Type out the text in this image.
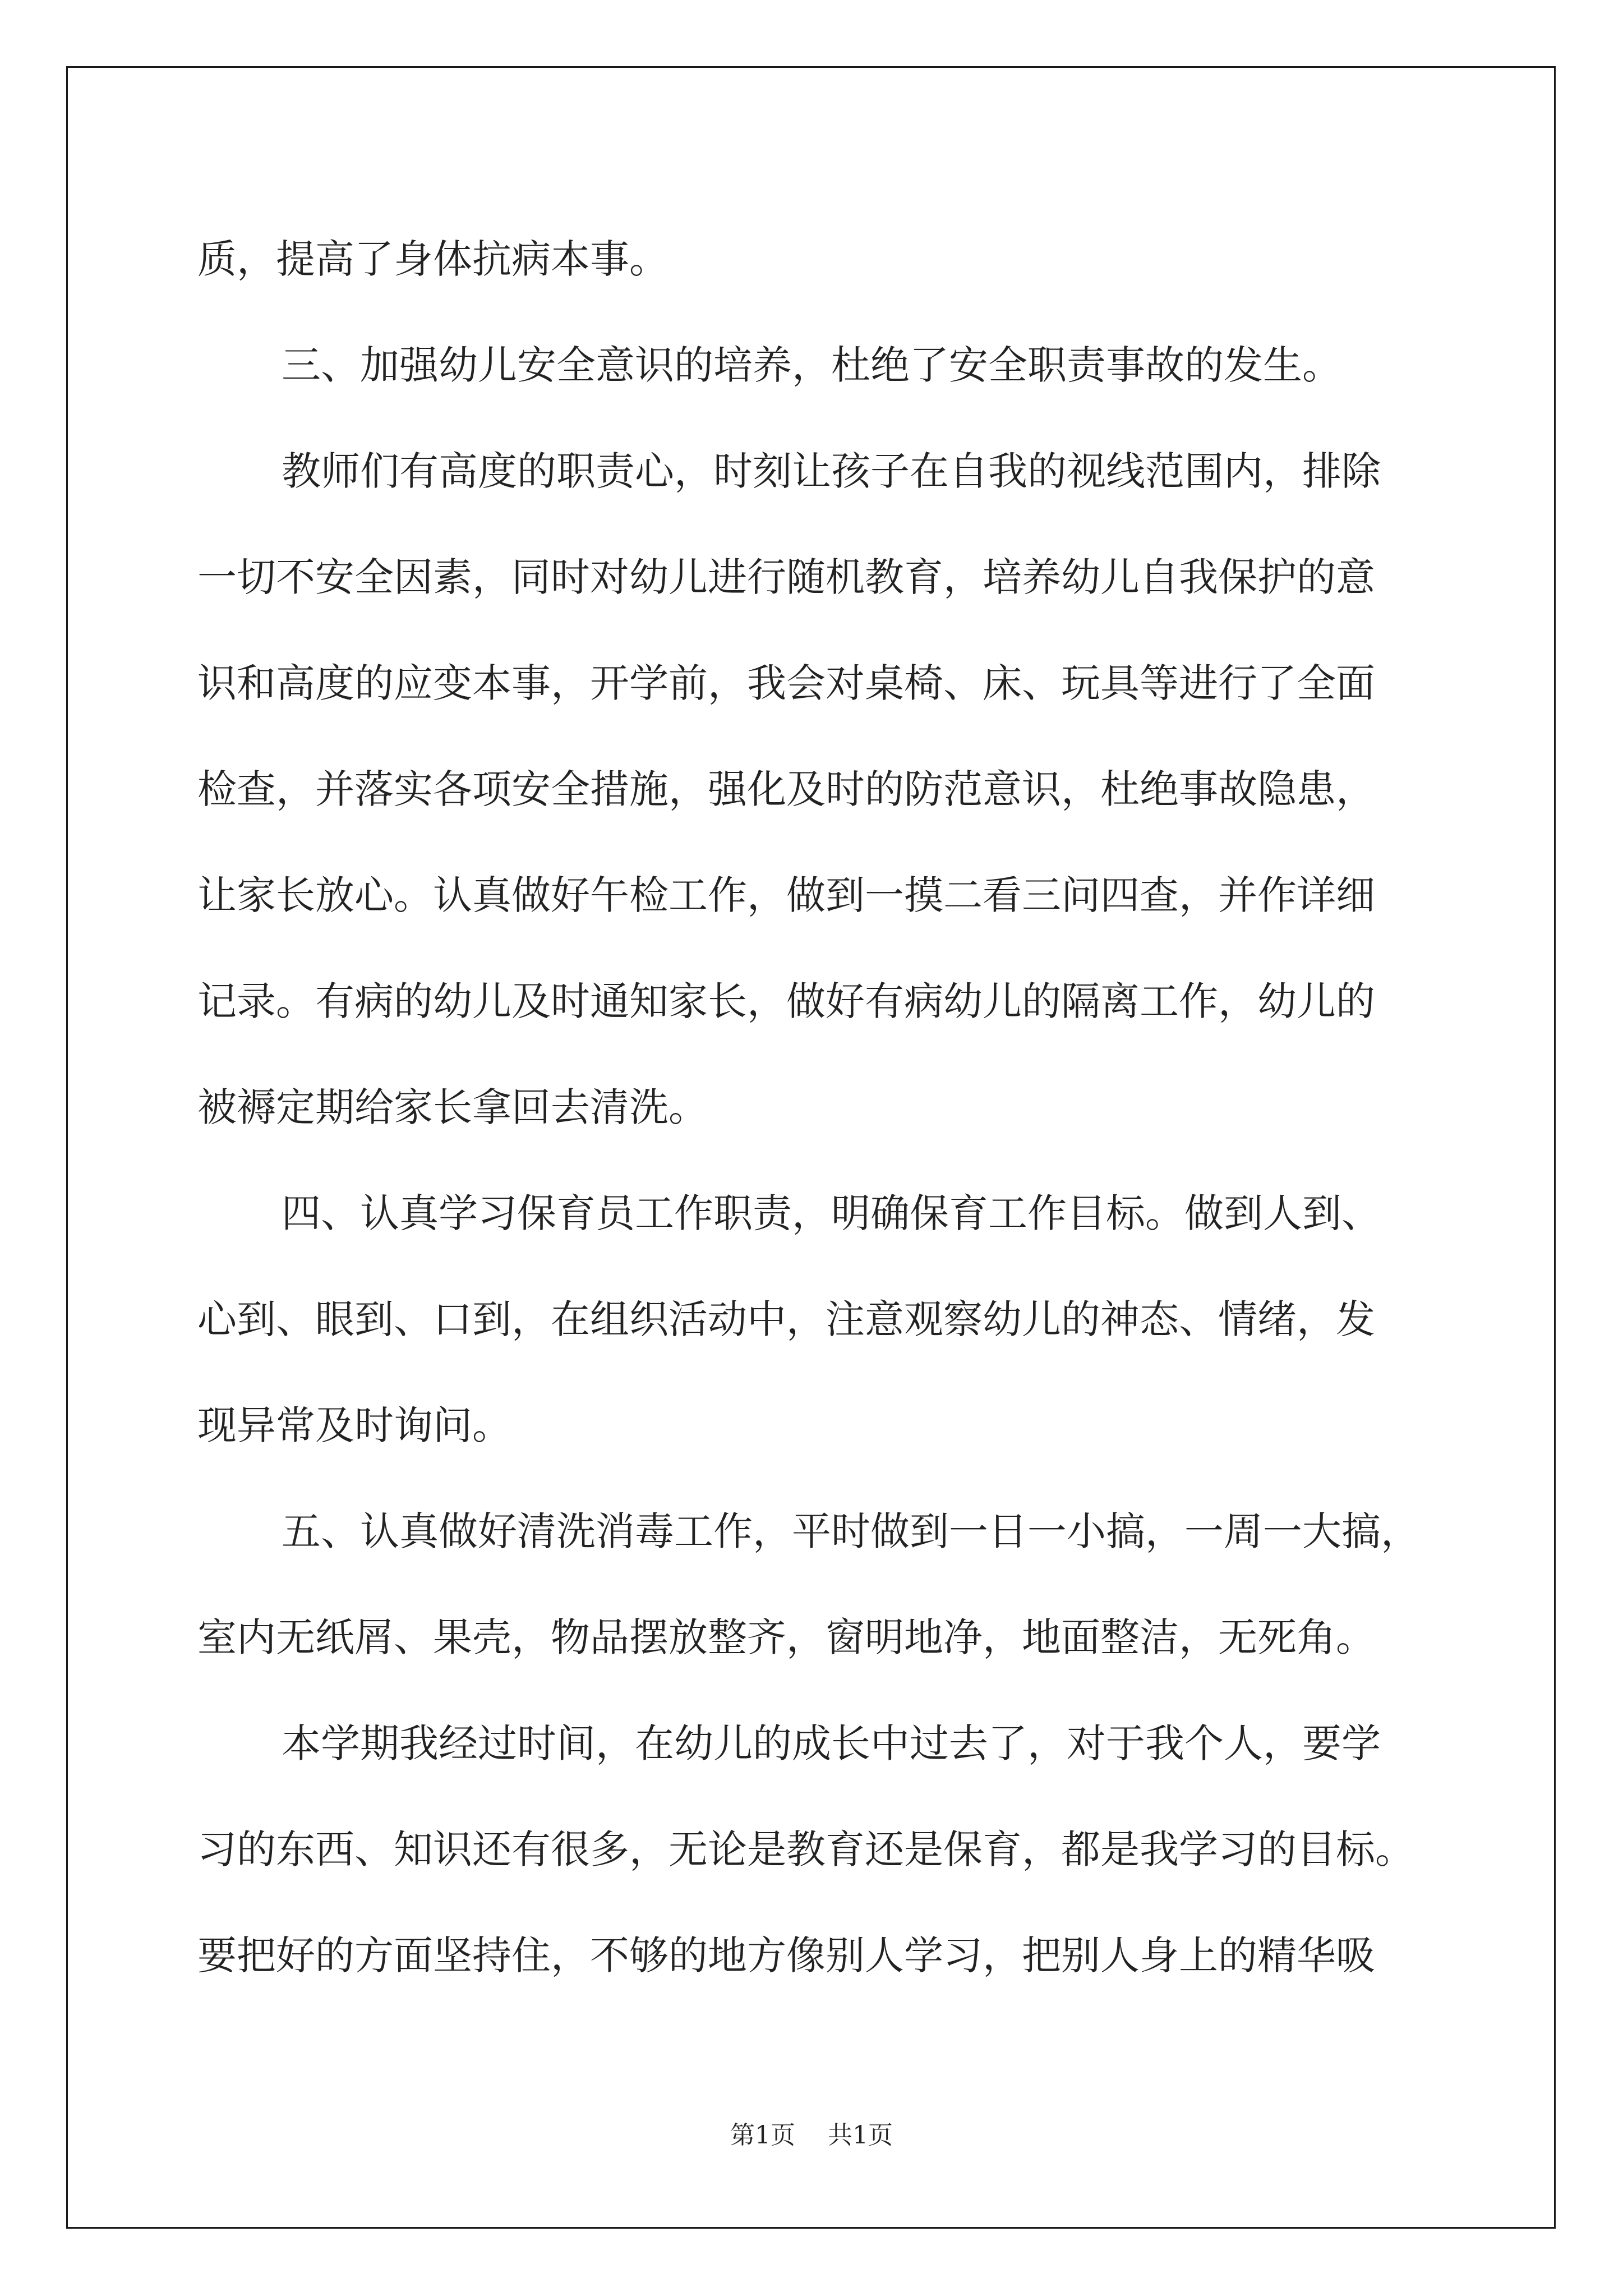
质，提高了身体抗病本事。
三、加强幼儿安全意识的培养，杜绝了安全职责事故的发生。
教师们有高度的职责心，时刻让孩子在自我的视线范围内，排除
一切不安全因素，同时对幼儿进行随机教育，培养幼儿自我保护的意
识和高度的应变本事，开学前，我会对桌椅、床、玩具等进行了全面
检查，并落实各项安全措施，强化及时的防范意识，杜绝事故隐患，
让家长放心。认真做好午检工作，做到一摸二看三问四查，并作详细
记录。有病的幼儿及时通知家长，做好有病幼儿的隔离工作，幼儿的
被褥定期给家长拿回去清洗。
四、认真学习保育员工作职责，明确保育工作目标。做到人到、
心到、眼到、口到，在组织活动中，注意观察幼儿的神态、情绪，发
现异常及时询问。
五、认真做好清洗消毒工作，平时做到一日一小搞，一周一大搞，
室内无纸屑、果壳，物品摆放整齐，窗明地净，地面整洁，无死角。
本学期我经过时间，在幼儿的成长中过去了，对于我个人，要学
习的东西、知识还有很多，无论是教育还是保育，都是我学习的目标。
要把好的方面坚持住，不够的地方像别人学习，把别人身上的精华吸
第1页 共1页
